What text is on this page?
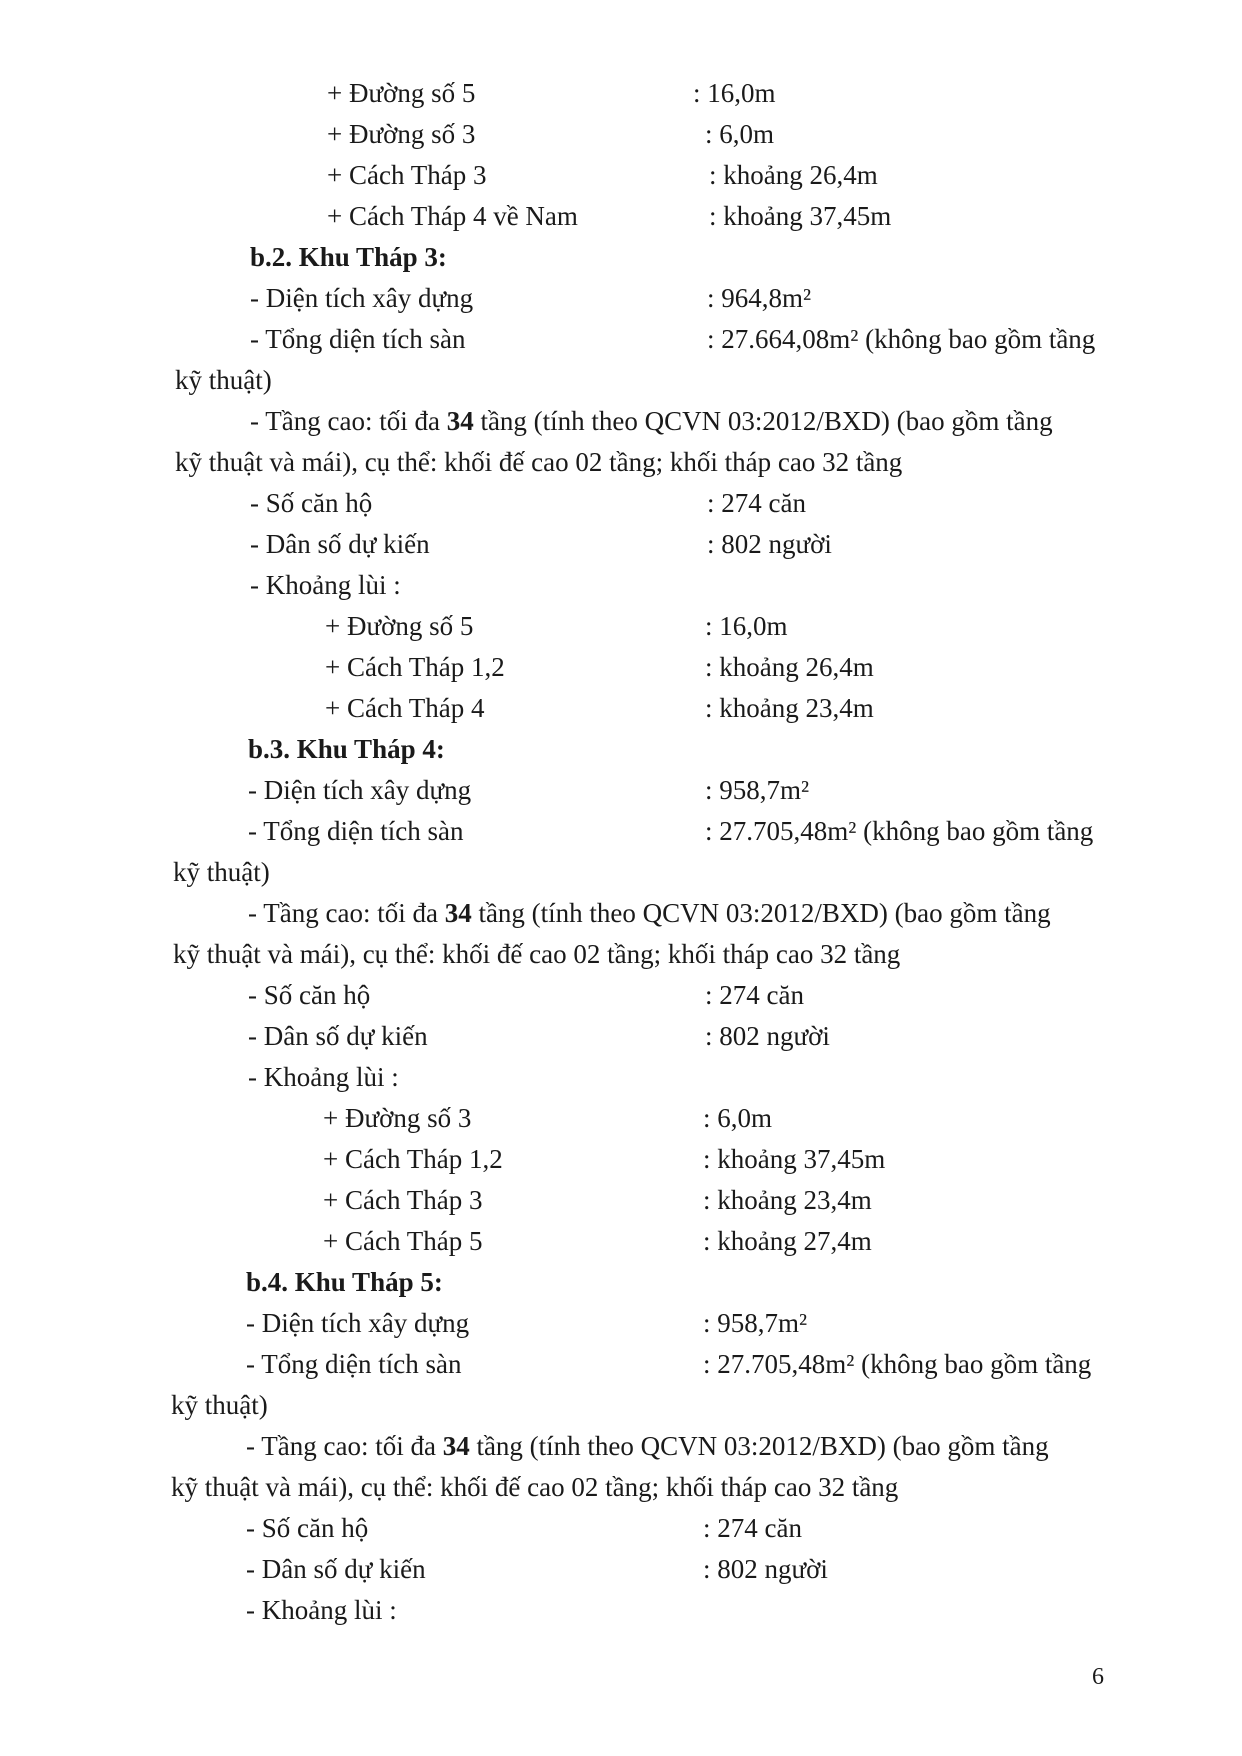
+ Đường số 5	: 16,0m
+ Đường số 3	: 6,0m
+ Cách Tháp 3	: khoảng 26,4m
+ Cách Tháp 4 về Nam	: khoảng 37,45m
b.2. Khu Tháp 3:
- Diện tích xây dựng	: 964,8m²
- Tổng diện tích sàn	: 27.664,08m² (không bao gồm tầng
kỹ thuật)
- Tầng cao: tối đa 34 tầng (tính theo QCVN 03:2012/BXD) (bao gồm tầng
kỹ thuật và mái), cụ thể: khối đế cao 02 tầng; khối tháp cao 32 tầng
- Số căn hộ	: 274 căn
- Dân số dự kiến	: 802 người
- Khoảng lùi :
+ Đường số 5	: 16,0m
+ Cách Tháp 1,2	: khoảng 26,4m
+ Cách Tháp 4	: khoảng 23,4m
b.3. Khu Tháp 4:
- Diện tích xây dựng	: 958,7m²
- Tổng diện tích sàn	: 27.705,48m² (không bao gồm tầng
kỹ thuật)
- Tầng cao: tối đa 34 tầng (tính theo QCVN 03:2012/BXD) (bao gồm tầng
kỹ thuật và mái), cụ thể: khối đế cao 02 tầng; khối tháp cao 32 tầng
- Số căn hộ	: 274 căn
- Dân số dự kiến	: 802 người
- Khoảng lùi :
+ Đường số 3	: 6,0m
+ Cách Tháp 1,2	: khoảng 37,45m
+ Cách Tháp 3	: khoảng 23,4m
+ Cách Tháp 5	: khoảng 27,4m
b.4. Khu Tháp 5:
- Diện tích xây dựng	: 958,7m²
- Tổng diện tích sàn	: 27.705,48m² (không bao gồm tầng
kỹ thuật)
- Tầng cao: tối đa 34 tầng (tính theo QCVN 03:2012/BXD) (bao gồm tầng
kỹ thuật và mái), cụ thể: khối đế cao 02 tầng; khối tháp cao 32 tầng
- Số căn hộ	: 274 căn
- Dân số dự kiến	: 802 người
- Khoảng lùi :
6
